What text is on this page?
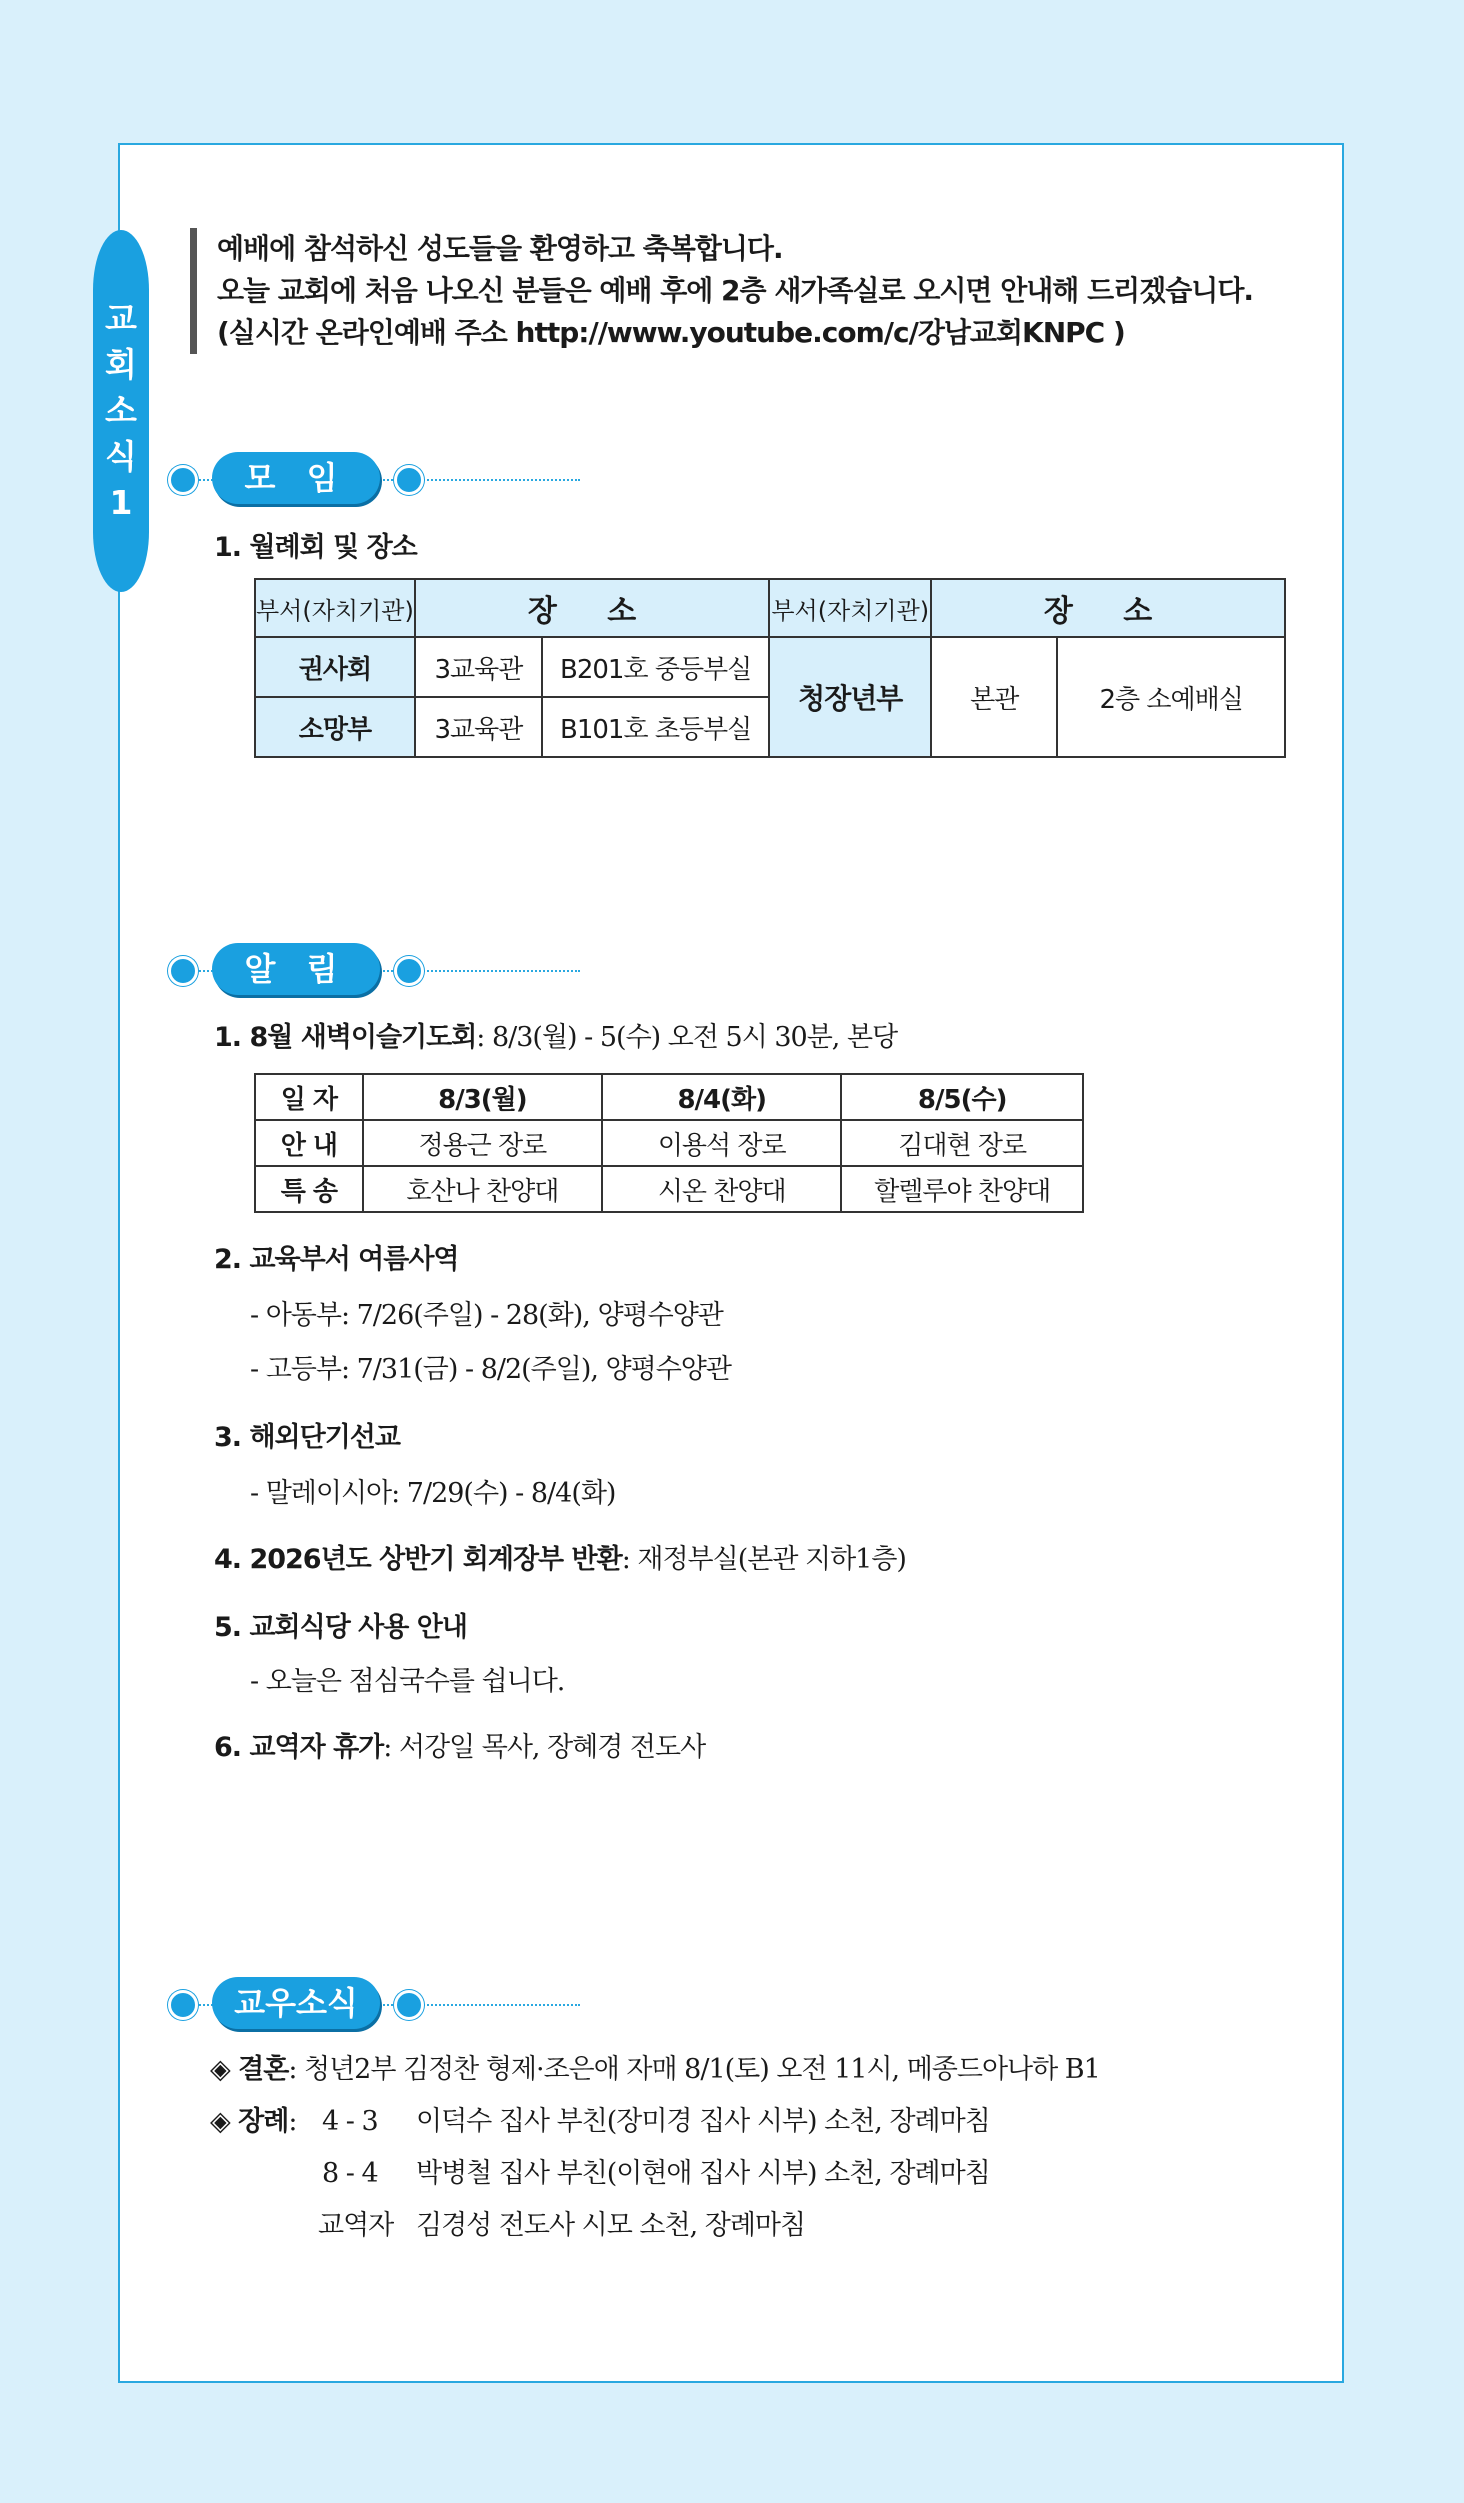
교
회
소
식
1
예배에 참석하신 성도들을 환영하고 축복합니다.
오늘 교회에 처음 나오신 분들은 예배 후에 2층 새가족실로 오시면 안내해 드리겠습니다.
(실시간 온라인예배 주소 http://www.youtube.com/c/강남교회KNPC )
모 임
1. 월례회 및 장소
부서(자치기관)	장 소		부서(자치기관)	장 소	
권사회	3교육관	B201호 중등부실	청장년부	본관	2층 소예배실
소망부	3교육관	B101호 초등부실			
알 림
1. 8월 새벽이슬기도회: 8/3(월) - 5(수) 오전 5시 30분, 본당
일 자	8/3(월)	8/4(화)	8/5(수)
안 내	정용근 장로	이용석 장로	김대현 장로
특 송	호산나 찬양대	시온 찬양대	할렐루야 찬양대
2. 교육부서 여름사역
- 아동부: 7/26(주일) - 28(화), 양평수양관
- 고등부: 7/31(금) - 8/2(주일), 양평수양관
3. 해외단기선교
- 말레이시아: 7/29(수) - 8/4(화)
4. 2026년도 상반기 회계장부 반환: 재정부실(본관 지하1층)
5. 교회식당 사용 안내
- 오늘은 점심국수를 쉽니다.
6. 교역자 휴가: 서강일 목사, 장혜경 전도사
교우소식
◈ 결혼: 청년2부 김정찬 형제·조은애 자매 8/1(토) 오전 11시, 메종드아나하 B1
◈ 장례: 4 - 3 이덕수 집사 부친(장미경 집사 시부) 소천, 장례마침
8 - 4 박병철 집사 부친(이현애 집사 시부) 소천, 장례마침
교역자 김경성 전도사 시모 소천, 장례마침
